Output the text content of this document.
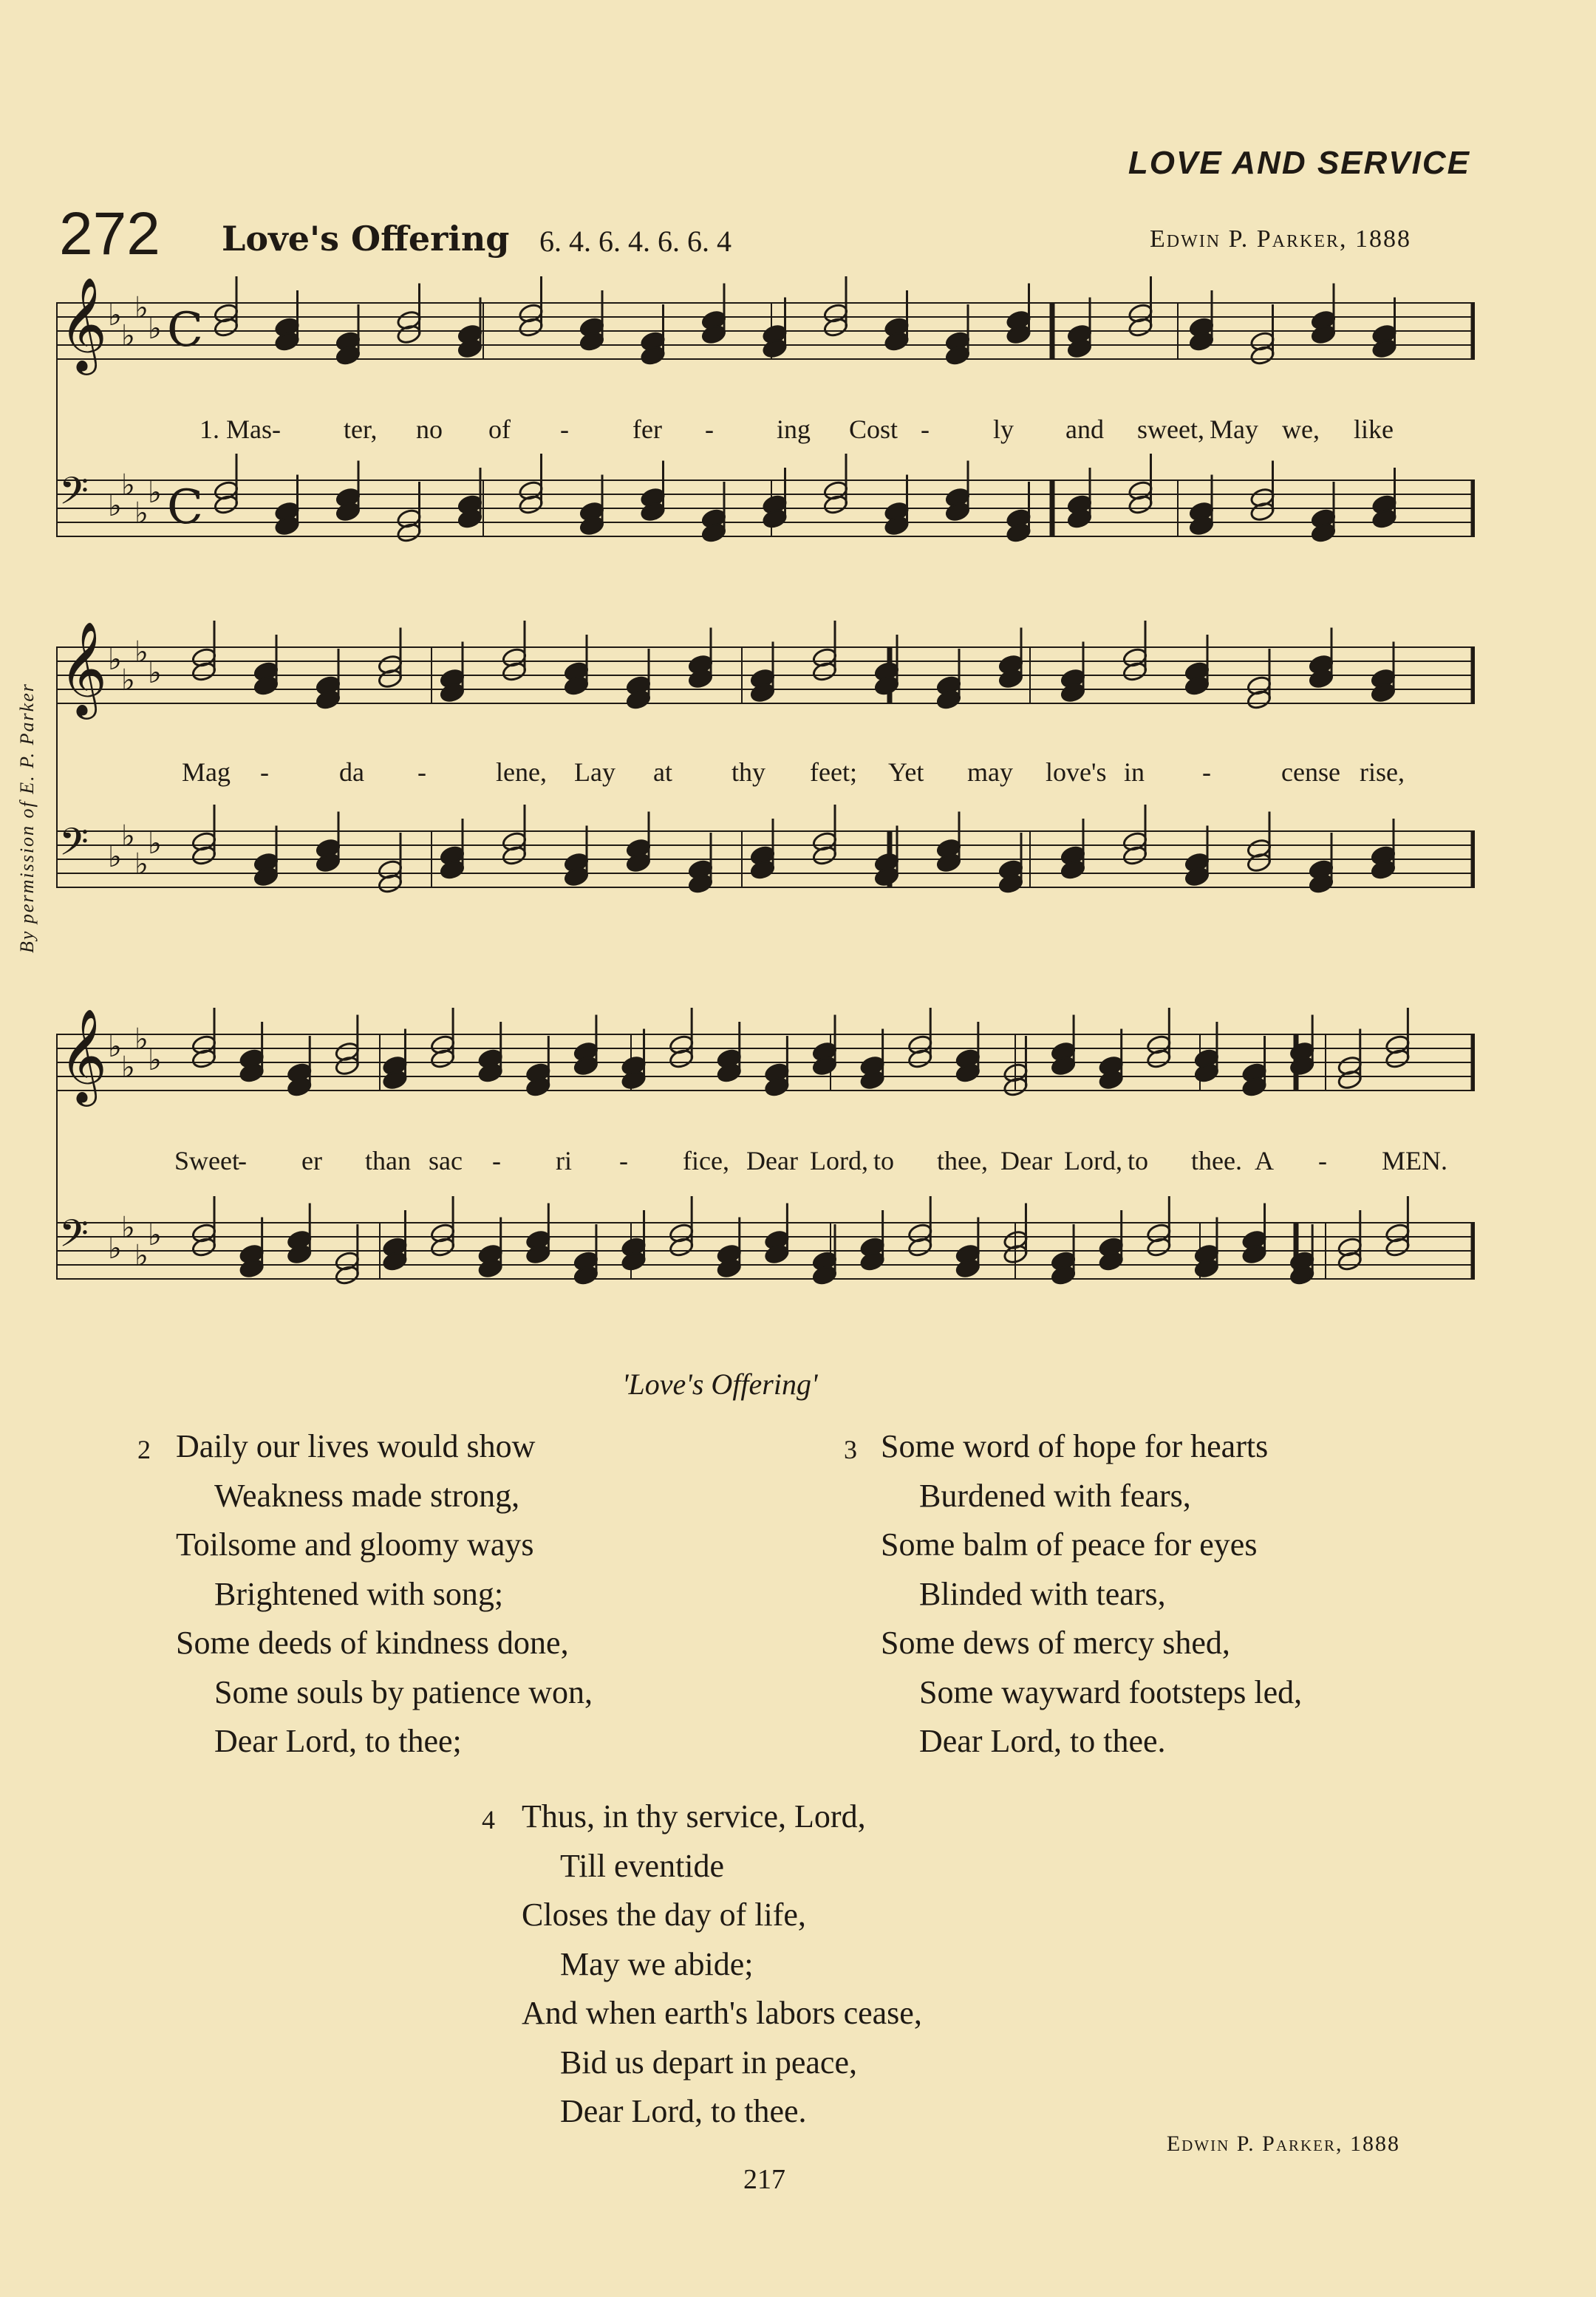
LOVE AND SERVICE
272 Love's Offering 6. 4. 6. 4. 6. 6. 4	Edwin P. Parker, 1888
By permission of E. P. Parker
𝄞 ♭
♭
♭
♭ C
𝄢 ♭
♭
♭
♭ C
𝄞 ♭
♭
♭
♭
𝄢 ♭
♭
♭
♭
𝄞 ♭
♭
♭
♭
𝄢 ♭
♭
♭
♭
1. Mas - ter, no of - fer - ing Cost - ly and sweet, May we, like
Mag -	da -	lene, Lay at thy feet; Yet may love's in -	cense rise,
Sweet
- er than sac - ri - fice, Dear Lord, to thee, Dear Lord, to thee. A - MEN.
'Love's Offering'
2 Daily our lives would show
Weakness made strong,
Toilsome and gloomy ways
Brightened with song;
Some deeds of kindness done,
Some souls by patience won,
Dear Lord, to thee;
3 Some word of hope for hearts
Burdened with fears,
Some balm of peace for eyes
Blinded with tears,
Some dews of mercy shed,
Some wayward footsteps led,
Dear Lord, to thee.
4 Thus, in thy service, Lord,
Till eventide
Closes the day of life,
May we abide;
And when earth's labors cease,
Bid us depart in peace,
Dear Lord, to thee.
Edwin P. Parker, 1888
217
